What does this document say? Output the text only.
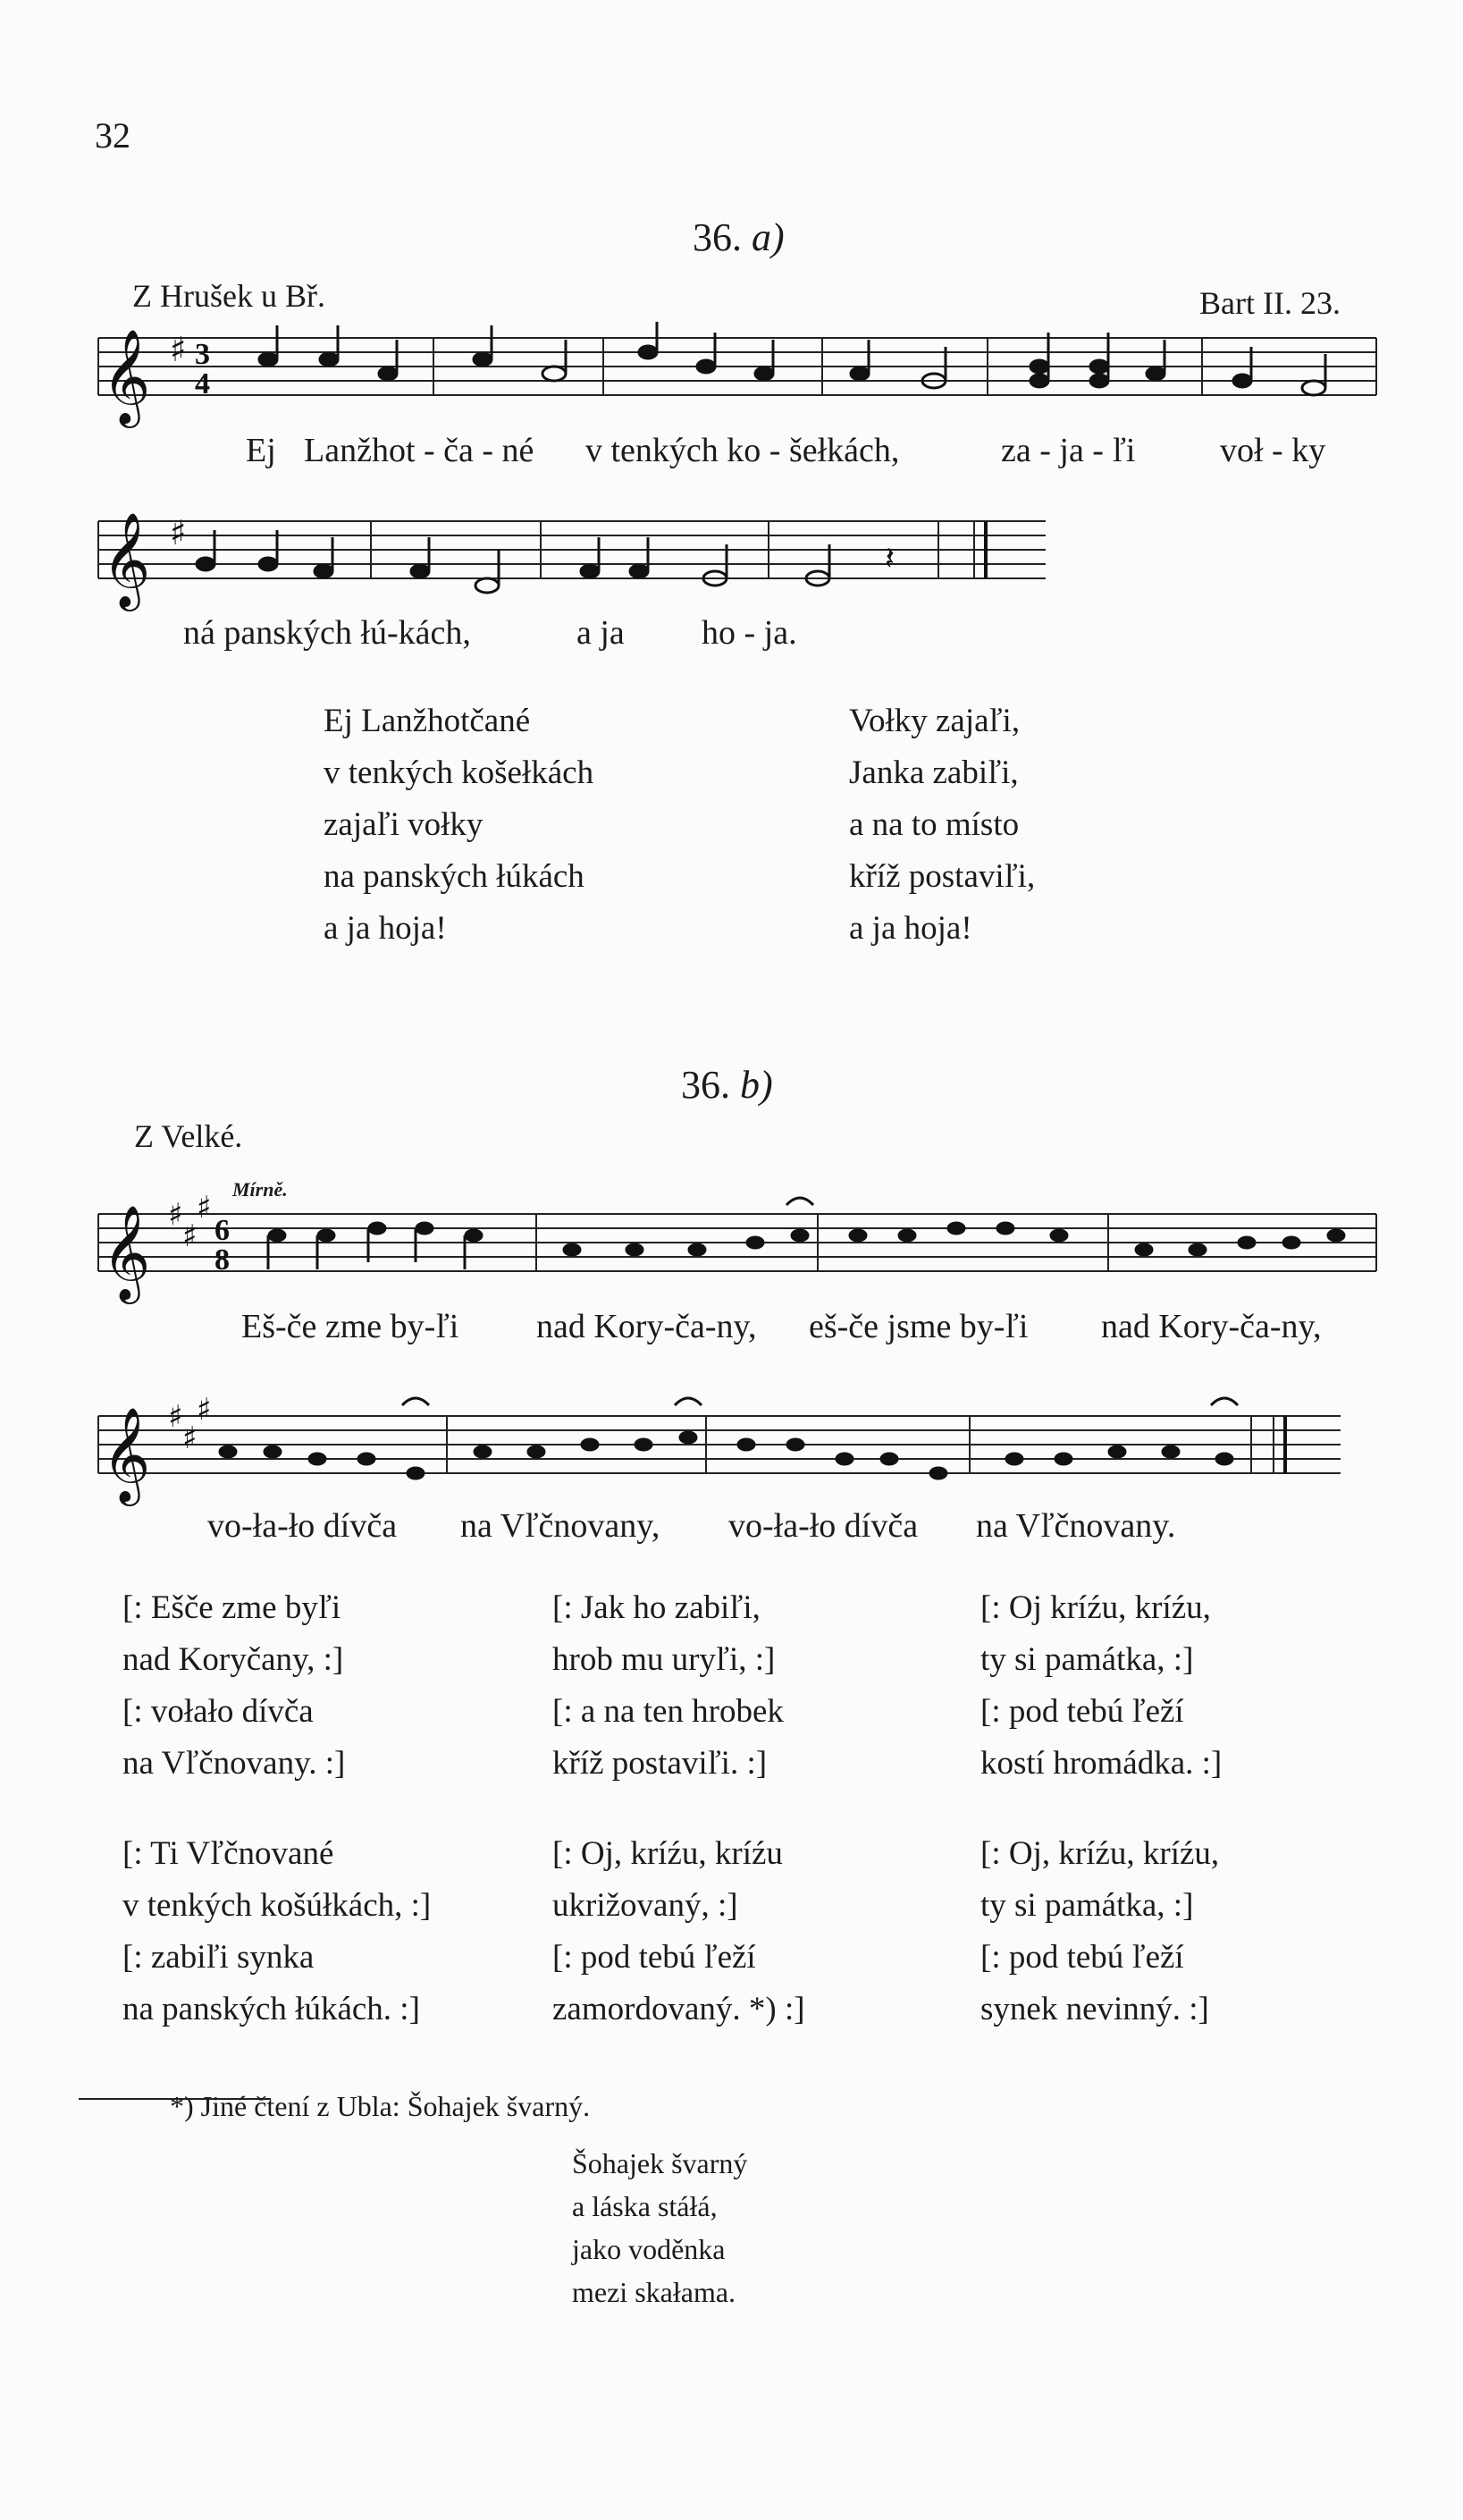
32
36. a)
Z Hrušek u Bř.	Bart II. 23.
𝄞 ♯ 3
4
Ej Lanžhot - ča - né v tenkých ko - šełkách,	za - ja - ľi voł - ky
𝄞 ♯
𝄽
ná panských łú-kách,	a ja ho - ja.
Ej Lanžhotčané
v tenkých košełkách
zajaľi vołky
na panských łúkách
a ja hoja!
Vołky zajaľi,
Janka zabiľi,
a na to místo
kříž postaviľi,
a ja hoja!
36. b)
Z Velké.
Mírně.
𝄞 ♯
♯
♯
6
8
Eš-če zme by-ľi nad Kory-ča-ny, eš-če jsme by-ľi nad Kory-ča-ny,
𝄞 ♯
♯
♯
vo-ła-ło dívča na Vľčnovany, vo-ła-ło dívča na Vľčnovany.
[: Ešče zme byľi
nad Koryčany, :]
[: vołało dívča
na Vľčnovany. :]
[: Jak ho zabiľi,
hrob mu uryľi, :]
[: a na ten hrobek
kříž postaviľi. :]
[: Oj kríźu, kríźu,
ty si památka, :]
[: pod tebú ľeží
kostí hromádka. :]
[: Ti Vľčnované
v tenkých košúłkách, :]
[: zabiľi synka
na panských łúkách. :]
[: Oj, kríźu, kríźu
ukrižovaný, :]
[: pod tebú ľeží
zamordovaný. *) :]
[: Oj, kríźu, kríźu,
ty si památka, :]
[: pod tebú ľeží
synek nevinný. :]
*) Jiné čtení z Ubla: Šohajek švarný.
Šohajek švarný
a láska stáłá,
jako voděnka
mezi skałama.
